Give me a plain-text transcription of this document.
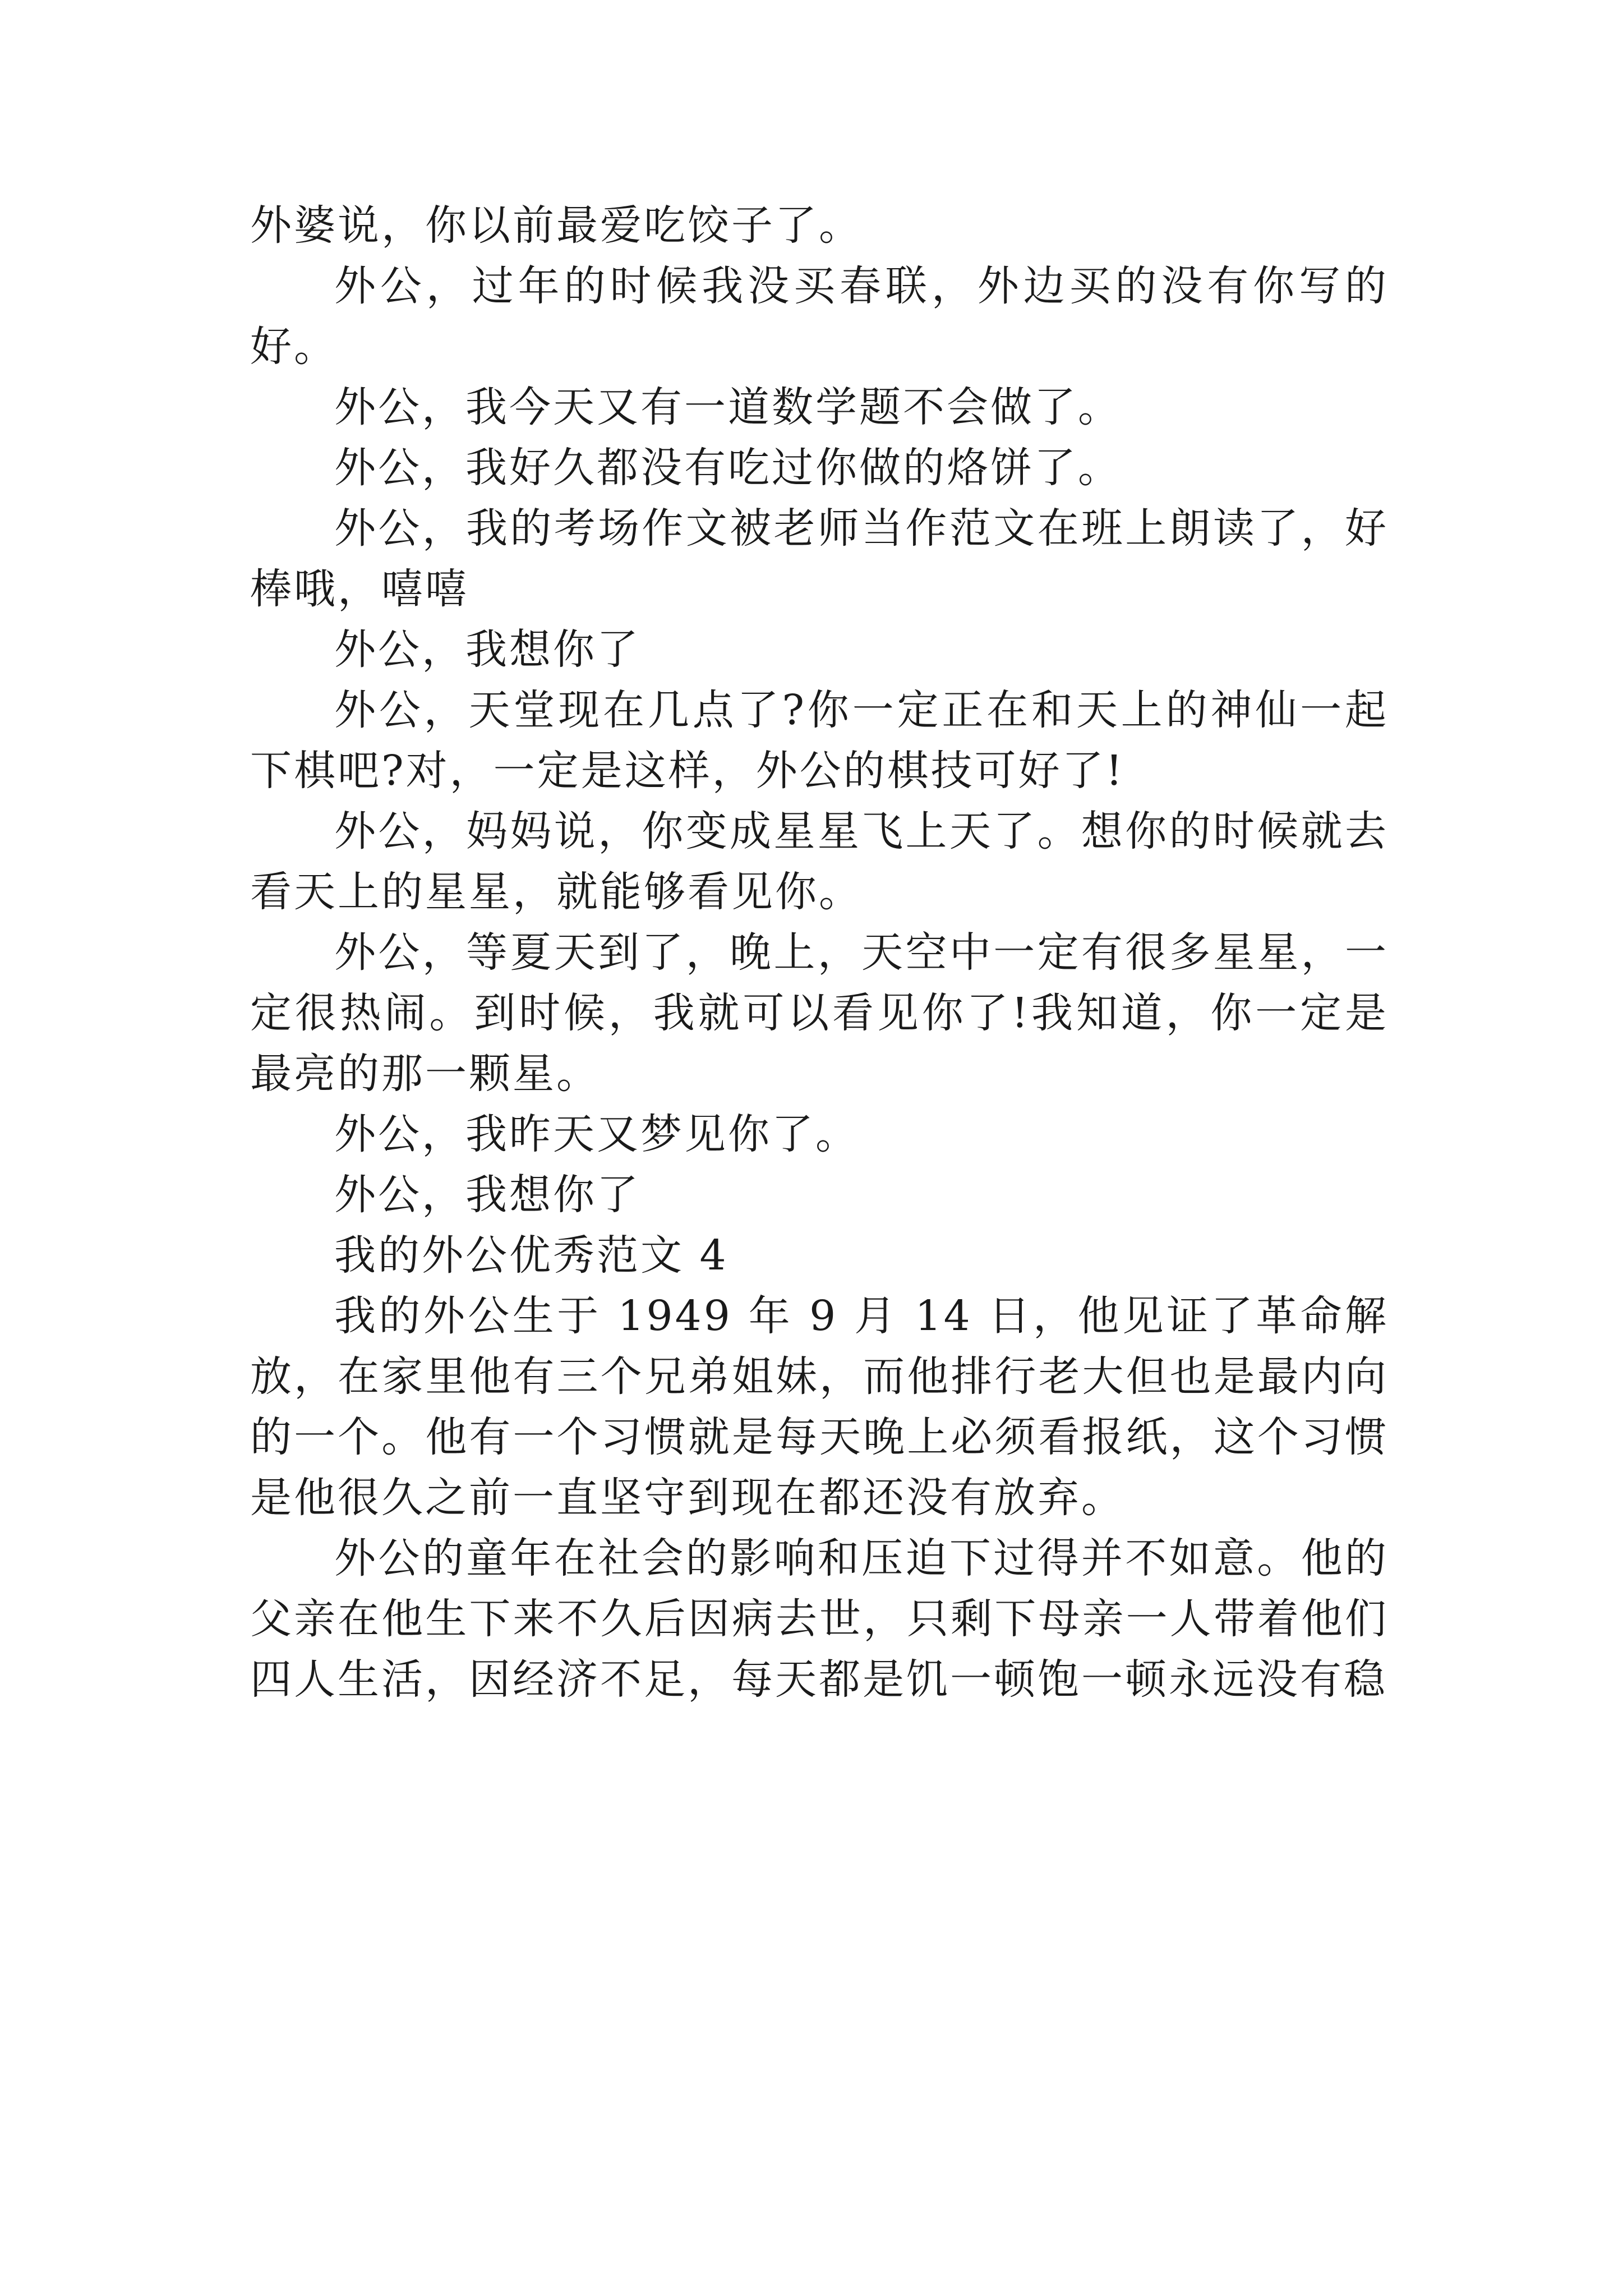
外婆说，你以前最爱吃饺子了。

外公，过年的时候我没买春联，外边买的没有你写的好。

外公，我今天又有一道数学题不会做了。

外公，我好久都没有吃过你做的烙饼了。

外公，我的考场作文被老师当作范文在班上朗读了，好棒哦，嘻嘻

外公，我想你了

外公，天堂现在几点了?你一定正在和天上的神仙一起下棋吧?对，一定是这样，外公的棋技可好了!

外公，妈妈说，你变成星星飞上天了。想你的时候就去看天上的星星，就能够看见你。

外公，等夏天到了，晚上，天空中一定有很多星星，一定很热闹。到时候，我就可以看见你了!我知道，你一定是最亮的那一颗星。

外公，我昨天又梦见你了。

外公，我想你了

我的外公优秀范文 4

我的外公生于 1949 年 9 月 14 日，他见证了革命解放，在家里他有三个兄弟姐妹，而他排行老大但也是最内向的一个。他有一个习惯就是每天晚上必须看报纸，这个习惯是他很久之前一直坚守到现在都还没有放弃。

外公的童年在社会的影响和压迫下过得并不如意。他的父亲在他生下来不久后因病去世，只剩下母亲一人带着他们四人生活，因经济不足，每天都是饥一顿饱一顿永远没有稳
